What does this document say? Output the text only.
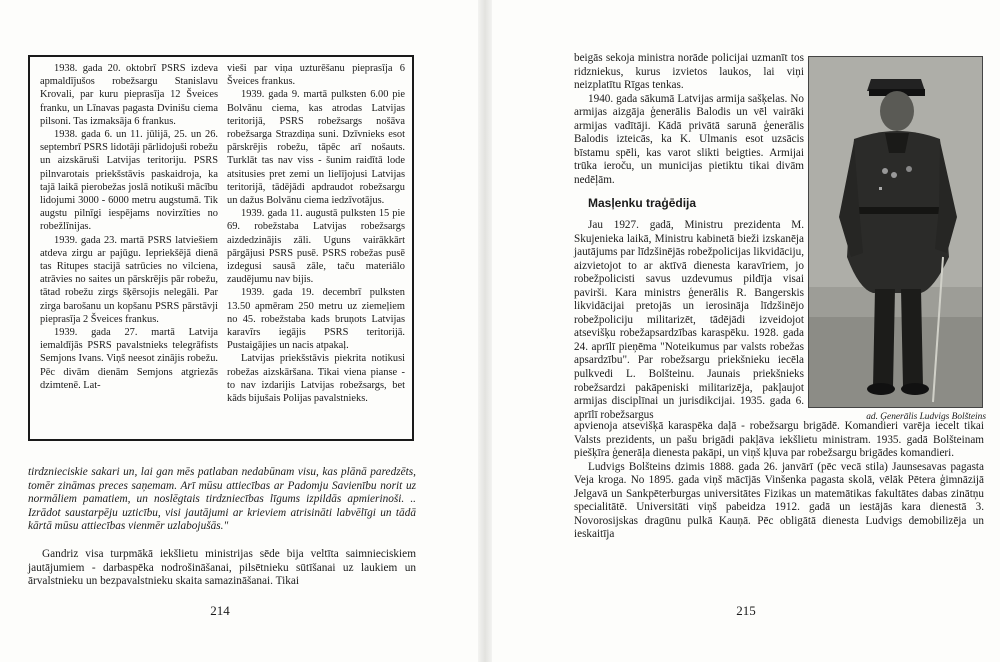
1938. gada 20. oktobrī PSRS izdeva apmaldījušos robežsargu Stanislavu Krovali, par kuru pieprasīja 12 Šveices franku, un Līnavas pagasta Dvinišu ciema pilsoni. Tas izmaksāja 6 frankus.

1938. gada 6. un 11. jūlijā, 25. un 26. septembrī PSRS lidotāji pārlidojuši robežu un aizskāruši Latvijas teritoriju. PSRS pilnvarotais priekšstāvis paskaidroja, ka tajā laikā pierobežas joslā notikuši mācību lidojumi 3000 - 6000 metru augstumā. Tik augstu pilnīgi iespējams novirzīties no robežlīnijas.

1939. gada 23. martā PSRS latviešiem atdeva zirgu ar pajūgu. Iepriekšējā dienā tas Ritupes stacijā satrūcies no vilciena, atrāvies no saites un pārskrējis pār robežu, tātad robežu zirgs šķērsojis nelegāli. Par zirga barošanu un kopšanu PSRS pārstāvji pieprasīja 2 Šveices frankus.

1939. gada 27. martā Latvija iemaldījās PSRS pavalstnieks telegrāfists Semjons Ivans. Viņš neesot zinājis robežu. Pēc divām dienām Semjons atgriezās dzimtenē. Lat-

vieši par viņa uzturēšanu pieprasīja 6 Šveices frankus.

1939. gada 9. martā pulksten 6.00 pie Bolvānu ciema, kas atrodas Latvijas teritorijā, PSRS robežsargs nošāva robežsarga Strazdiņa suni. Dzīvnieks esot pārskrējis robežu, tāpēc arī nošauts. Turklāt tas nav viss - šunim raidītā lode atsitusies pret zemi un lielījojusi Latvijas teritorijā, tādējādi apdraudot robežsargu un dažus Bolvānu ciema iedzīvotājus.

1939. gada 11. augustā pulksten 15 pie 69. robežstaba Latvijas robežsargs aizdedzinājis zāli. Uguns vairākkārt pārgājusi PSRS pusē. PSRS robežas pusē izdegusi sausā zāle, taču materiālo zaudējumu nav bijis.

1939. gada 19. decembrī pulksten 13.50 apmēram 250 metru uz ziemeļiem no 45. robežstaba kads bruņots Latvijas karavīrs iegājis PSRS teritorijā. Pustaigājies un nacis atpakaļ.

Latvijas priekšstāvis piekrita notikusi robežas aizskāršana. Tikai viena pianse - to nav izdarijis Latvijas robežsargs, bet kāds bijušais Polijas pavalstnieks.

tirdznieciskie sakari un, lai gan mēs patlaban nedabūnam visu, kas plānā paredzēts, tomēr zināmas preces saņemam. Arī mūsu attiecības ar Padomju Savienību norit uz normāliem pamatiem, un noslēgtais tirdzniecības līgums izpildās apmierinoši. .. Izrādot saustarpēju uzticību, visi jautājumi ar krieviem atrisināti labvēlīgi un tādā kārtā mūsu attiecības vienmēr uzlabojušās."

Gandriz visa turpmākā iekšlietu ministrijas sēde bija veltīta saimnieciskiem jautājumiem - darbaspēka nodrošināšanai, pilsētnieku sūtīšanai uz laukiem un ārvalstnieku un bezpavalstnieku skaita samazināšanai. Tikai

214

beigās sekoja ministra norāde policijai uzmanīt tos ridzniekus, kurus izvietos laukos, lai viņi neizplatītu Rīgas tenkas.

1940. gada sākumā Latvijas armija sašķelas. No armijas aizgāja ģenerālis Balodis un vēl vairāki armijas vadītāji. Kādā privātā sarunā ģenerālis Balodis izteicās, ka K. Ulmanis esot uzsācis bīstamu spēli, kas varot slikti beigties. Armijai trūka ieroču, un municijas pietiktu tikai divām nedēļām.

Masļenku traģēdija

Jau 1927. gadā, Ministru prezidenta M. Skujenieka laikā, Ministru kabinetā bieži izskanēja jautājums par līdzšinējās robežpolicijas likvidāciju, aizvietojot to ar aktīvā dienesta karavīriem, jo robežpolicisti savus uzdevumus pildīja visai pavirši. Kara ministrs ģenerālis R. Bangerskis likvidācijai pretojās un ierosināja līdzšinējo robežpoliciju militarizēt, tādējādi izveidojot atsevišķu robežapsardzības karaspēku. 1928. gada 24. aprīlī pieņēma "Noteikumus par valsts robežas apsardzību". Par robežsargu priekšnieku iecēla pulkvedi L. Bolšteinu. Jaunais priekšnieks robežsardzi pakāpeniski militarizēja, pakļaujot armijas disciplīnai un jurisdikcijai. 1935. gada 6. aprīlī robežsargus	ad. Ģenerālis Ludvigs Bolšteins

apvienoja atsevišķā karaspēka daļā - robežsargu brigādē. Komandieri varēja iecelt tikai Valsts prezidents, un pašu brigādi pakļāva iekšlietu ministram. 1935. gadā Bolšteinam piešķīra ģenerāļa dienesta pakāpi, un viņš kļuva par robežsargu brigādes komandieri.

Ludvigs Bolšteins dzimis 1888. gada 26. janvārī (pēc vecā stila) Jaunsesavas pagasta Veja kroga. No 1895. gada viņš mācījās Vinšenka pagasta skolā, vēlāk Pētera ģimnāzijā Jelgavā un Sankpēterburgas universitātes Fizikas un matemātikas fakultātes dabas zinātņu specialitātē. Universitāti viņš pabeidza 1912. gadā un iestājās kara dienestā 3. Novorosijskas dragūnu pulkā Kauņā. Pēc obligātā dienesta Ludvigs demobilizēja un ieskaitīja

215
